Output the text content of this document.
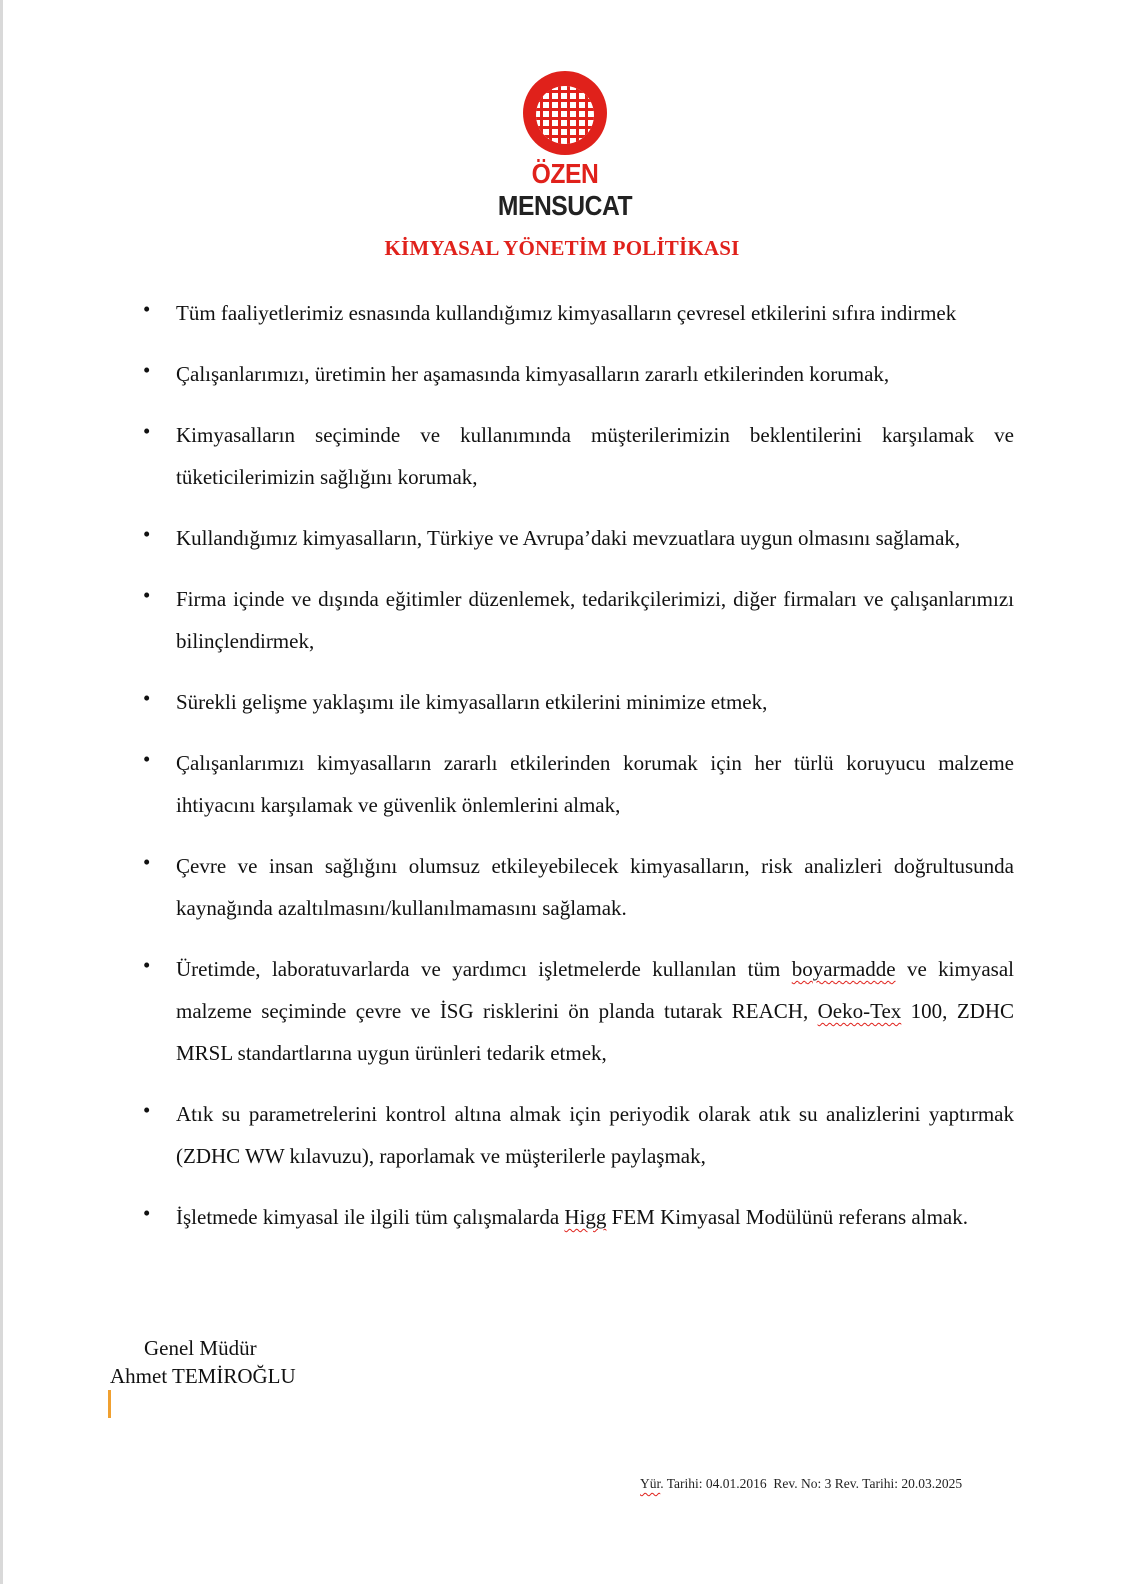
ÖZEN MENSUCAT
KİMYASAL YÖNETİM POLİTİKASI
• Tüm faaliyetlerimiz esnasında kullandığımız kimyasalların çevresel etkilerini sıfıra indirmek
• Çalışanlarımızı, üretimin her aşamasında kimyasalların zararlı etkilerinden korumak,
• Kimyasalların seçiminde ve kullanımında müşterilerimizin beklentilerini karşılamak ve tüketicilerimizin sağlığını korumak,
• Kullandığımız kimyasalların, Türkiye ve Avrupa’daki mevzuatlara uygun olmasını sağlamak,
• Firma içinde ve dışında eğitimler düzenlemek, tedarikçilerimizi, diğer firmaları ve çalışanlarımızı bilinçlendirmek,
• Sürekli gelişme yaklaşımı ile kimyasalların etkilerini minimize etmek,
• Çalışanlarımızı kimyasalların zararlı etkilerinden korumak için her türlü koruyucu malzeme ihtiyacını karşılamak ve güvenlik önlemlerini almak,
• Çevre ve insan sağlığını olumsuz etkileyebilecek kimyasalların, risk analizleri doğrultusunda kaynağında azaltılmasını/kullanılmamasını sağlamak.
• Üretimde, laboratuvarlarda ve yardımcı işletmelerde kullanılan tüm boyarmadde ve kimyasal malzeme seçiminde çevre ve İSG risklerini ön planda tutarak REACH, Oeko-Tex 100, ZDHC MRSL standartlarına uygun ürünleri tedarik etmek,
• Atık su parametrelerini kontrol altına almak için periyodik olarak atık su analizlerini yaptırmak (ZDHC WW kılavuzu), raporlamak ve müşterilerle paylaşmak,
• İşletmede kimyasal ile ilgili tüm çalışmalarda Higg FEM Kimyasal Modülünü referans almak.
Genel Müdür
Ahmet TEMİROĞLU
Yür. Tarihi: 04.01.2016  Rev. No: 3 Rev. Tarihi: 20.03.2025
